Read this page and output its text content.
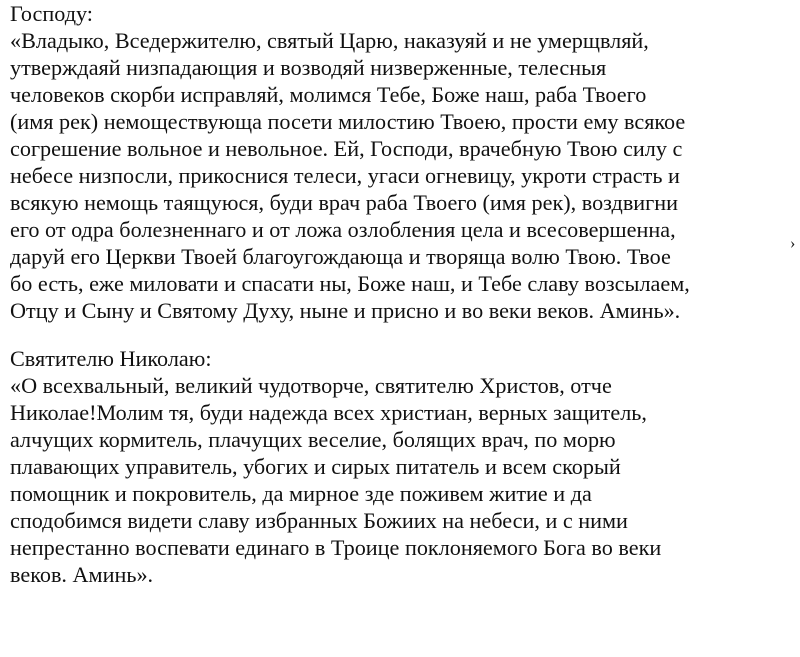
Господу:
«Владыко, Вседержителю, святый Царю, наказуяй и не умерщвляй,
утверждаяй низпадающия и возводяй низверженные, телесныя
человеков скорби исправляй, молимся Тебе, Боже наш, раба Твоего
(имя рек) немоществующа посети милостию Твоею, прости ему всякое
согрешение вольное и невольное. Ей, Господи, врачебную Твою силу с
небесе низпосли, прикоснися телеси, угаси огневицу, укроти страсть и
всякую немощь таящуюся, буди врач раба Твоего (имя рек), воздвигни
его от одра болезненнаго и от ложа озлобления цела и всесовершенна,
даруй его Церкви Твоей благоугождающа и творяща волю Твою. Твое
бо есть, еже миловати и спасати ны, Боже наш, и Тебе славу возсылаем,
Отцу и Сыну и Святому Духу, ныне и присно и во веки веков. Аминь».
Святителю Николаю:
«О всехвальный, великий чудотворче, святителю Христов, отче
Николае!Молим тя, буди надежда всех христиан, верных защитель,
алчущих кормитель, плачущих веселие, болящих врач, по морю
плавающих управитель, убогих и сирых питатель и всем скорый
помощник и покровитель, да мирное зде поживем житие и да
сподобимся видети славу избранных Божиих на небеси, и с ними
непрестанно воспевати единаго в Троице поклоняемого Бога во веки
веков. Аминь».
›
